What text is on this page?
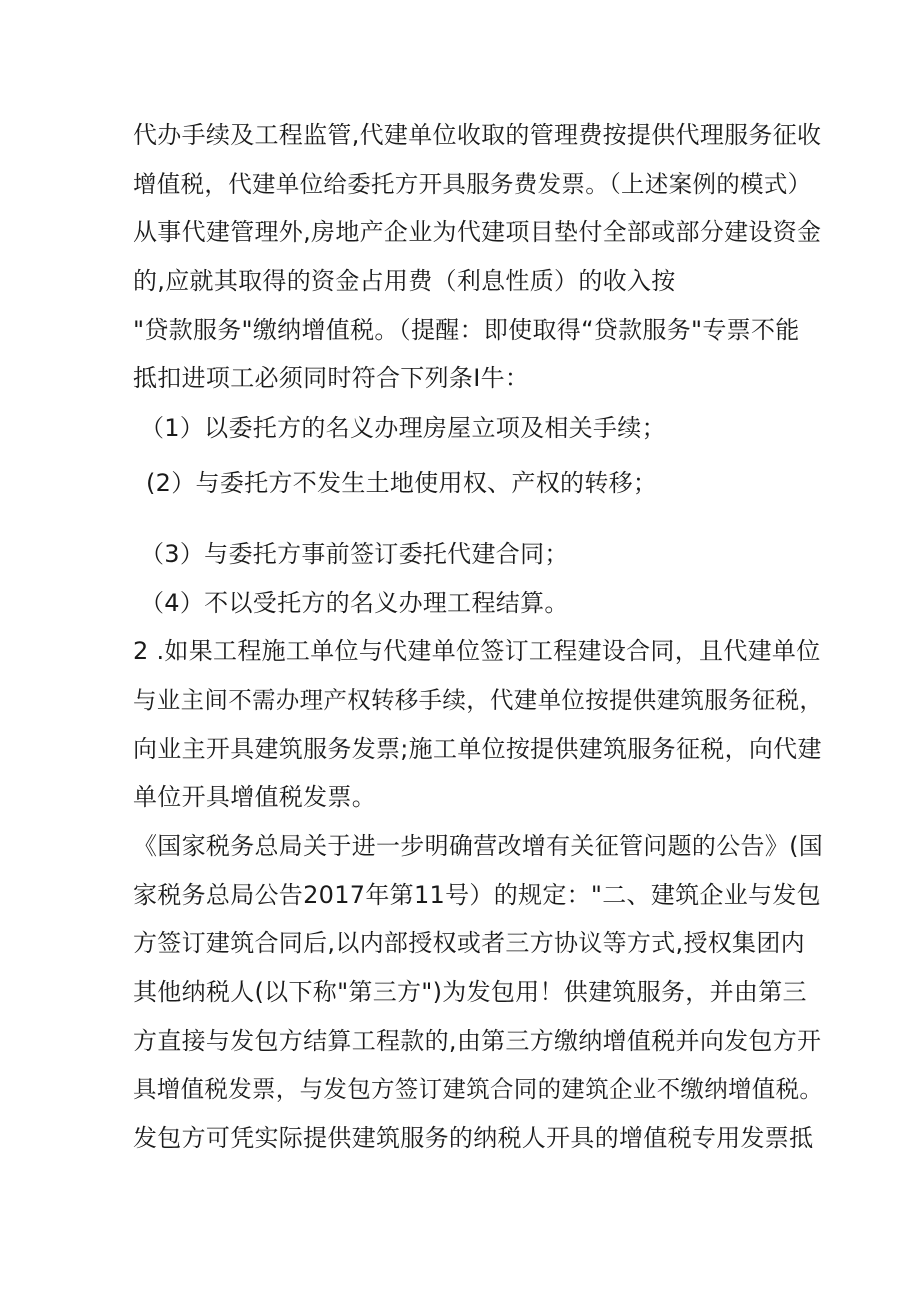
代办手续及工程监管,代建单位收取的管理费按提供代理服务征收
增值税，代建单位给委托方开具服务费发票。（上述案例的模式）
从事代建管理外,房地产企业为代建项目垫付全部或部分建设资金
的,应就其取得的资金占用费（利息性质）的收入按
"贷款服务"缴纳增值税。（提醒：即使取得“贷款服务"专票不能
抵扣进项工必须同时符合下列条I牛：
（1）以委托方的名义办理房屋立项及相关手续；
(2）与委托方不发生土地使用权、产权的转移；
（3）与委托方事前签订委托代建合同；
（4）不以受托方的名义办理工程结算。
2 .如果工程施工单位与代建单位签订工程建设合同，且代建单位
与业主间不需办理产权转移手续，代建单位按提供建筑服务征税，
向业主开具建筑服务发票;施工单位按提供建筑服务征税，向代建
单位开具增值税发票。
《国家税务总局关于进一步明确营改增有关征管问题的公告》(国
家税务总局公告2017年第11号）的规定："二、建筑企业与发包
方签订建筑合同后,以内部授权或者三方协议等方式,授权集团内
其他纳税人(以下称"第三方")为发包用！供建筑服务，并由第三
方直接与发包方结算工程款的,由第三方缴纳增值税并向发包方开
具增值税发票，与发包方签订建筑合同的建筑企业不缴纳增值税。
发包方可凭实际提供建筑服务的纳税人开具的增值税专用发票抵
